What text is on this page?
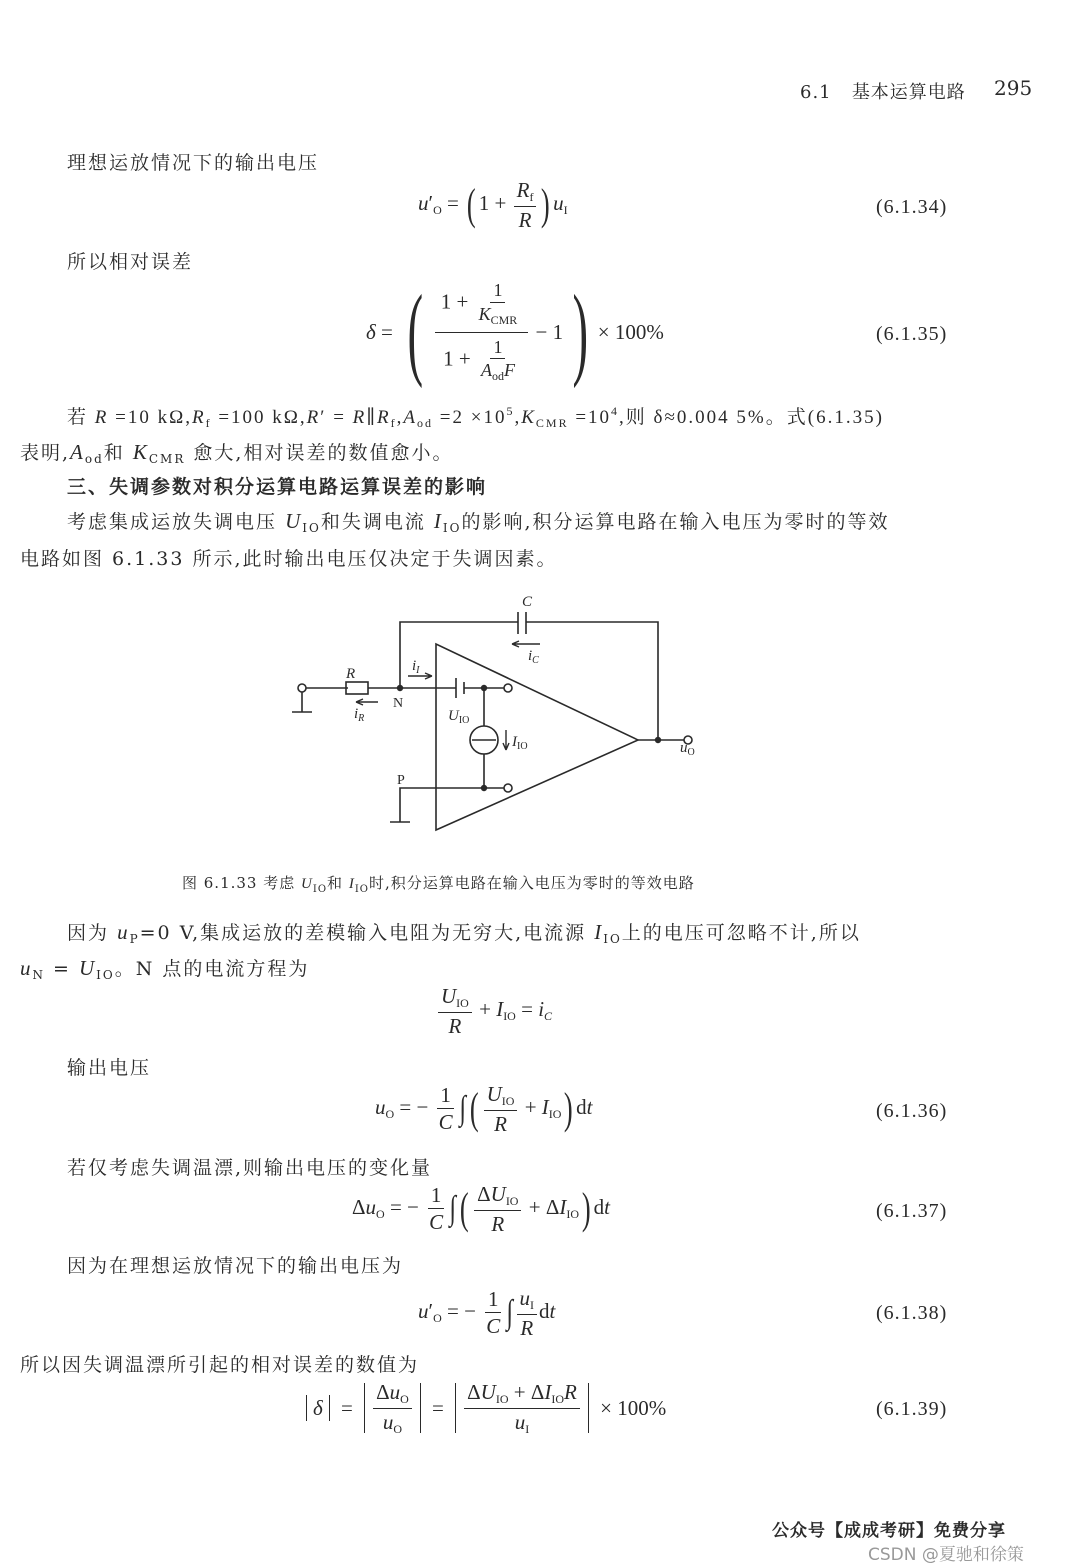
6.1 基本运算电路 295
理想运放情况下的输出电压
$u'_O$ = ( $1 + \frac{R_f}{R}$ ) $u_I$	(6.1.34)
所以相对误差
δ = ( $\frac{1 + \frac{1}{K_{CMR}}}{1 + \frac{1}{A_{od}F}} - 1$ ) × 100%	(6.1.35)
若 R =10 $k\Omega,R_f =100$ $k\Omega,R' = R\parallel R_f,A_{od} =2 \times 10^5,K_{CMR} =10^4$,则 δ≈0.004 5%。式(6.1.35)
表明$,A_{od}$和 $K_{CMR}$ 愈大,相对误差的数值愈小。
三、失调参数对积分运算电路运算误差的影响
考虑集成运放失调电压 $U_{IO}$和失调电流 $I_{IO}$的影响,积分运算电路在输入电压为零时的等效
电路如图 6.1.33 所示,此时输出电压仅决定于失调因素。
C
$i_C$
R
$i_R$
$i_I$
$U_{IO}$
$I_{IO}$	$u_O$
N
P
图 6.1.33 考虑 $U_{IO}$和 $I_{IO}$时,积分运算电路在输入电压为零时的等效电路
因为 $u_P=0$ V,集成运放的差模输入电阻为无穷大,电流源 $I_{IO}$上的电压可忽略不计,所以
$u_N = U_{IO}$。N 点的电流方程为
$\frac{U_{IO}}{R} + I_{IO} = i_C$
输出电压
$u_O$ = − $\frac{1}{C}$ ∫( $\frac{U_{IO}}{R} + I_{IO}$) dt	(6.1.36)
若仅考虑失调温漂,则输出电压的变化量
$\Delta u_O$ = − $\frac{1}{C}$ ∫( $\frac{\Delta U_{IO}}{R} + \Delta I_{IO}$) dt	(6.1.37)
因为在理想运放情况下的输出电压为
$u'_O$ = − $\frac{1}{C}$ ∫ $\frac{u_I}{R}$ dt	(6.1.38)
所以因失调温漂所引起的相对误差的数值为
$\delta = \frac{\Delta u_O}{u_O} = \frac{\Delta U_{IO} + \Delta I_{IO}R}{u_I}$
× 100%	(6.1.39)
公众号【成成考研】免费分享
CSDN @夏驰和徐策
